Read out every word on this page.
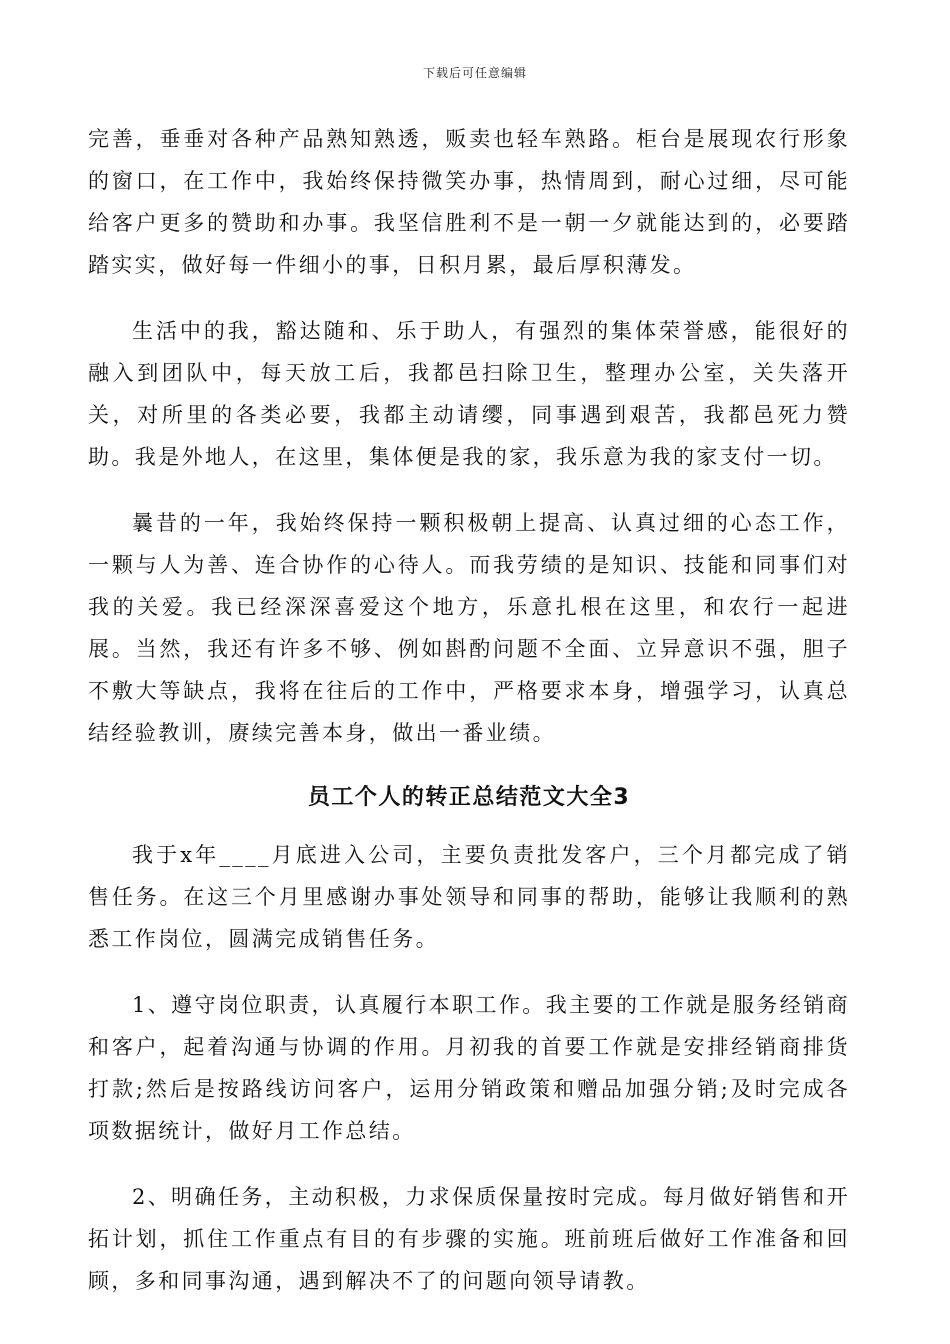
下载后可任意编辑

完善，垂垂对各种产品熟知熟透，贩卖也轻车熟路。柜台是展现农行形象的窗口，在工作中，我始终保持微笑办事，热情周到，耐心过细，尽可能给客户更多的赞助和办事。我坚信胜利不是一朝一夕就能达到的，必要踏踏实实，做好每一件细小的事，日积月累，最后厚积薄发。

生活中的我，豁达随和、乐于助人，有强烈的集体荣誉感，能很好的融入到团队中，每天放工后，我都邑扫除卫生，整理办公室，关失落开关，对所里的各类必要，我都主动请缨，同事遇到艰苦，我都邑死力赞助。我是外地人，在这里，集体便是我的家，我乐意为我的家支付一切。

曩昔的一年，我始终保持一颗积极朝上提高、认真过细的心态工作，一颗与人为善、连合协作的心待人。而我劳绩的是知识、技能和同事们对我的关爱。我已经深深喜爱这个地方，乐意扎根在这里，和农行一起进展。当然，我还有许多不够、例如斟酌问题不全面、立异意识不强，胆子不敷大等缺点，我将在往后的工作中，严格要求本身，增强学习，认真总结经验教训，赓续完善本身，做出一番业绩。

员工个人的转正总结范文大全3

我于x年____月底进入公司，主要负责批发客户，三个月都完成了销售任务。在这三个月里感谢办事处领导和同事的帮助，能够让我顺利的熟悉工作岗位，圆满完成销售任务。

1、遵守岗位职责，认真履行本职工作。我主要的工作就是服务经销商和客户，起着沟通与协调的作用。月初我的首要工作就是安排经销商排货打款;然后是按路线访问客户，运用分销政策和赠品加强分销;及时完成各项数据统计，做好月工作总结。

2、明确任务，主动积极，力求保质保量按时完成。每月做好销售和开拓计划，抓住工作重点有目的有步骤的实施。班前班后做好工作准备和回顾，多和同事沟通，遇到解决不了的问题向领导请教。
